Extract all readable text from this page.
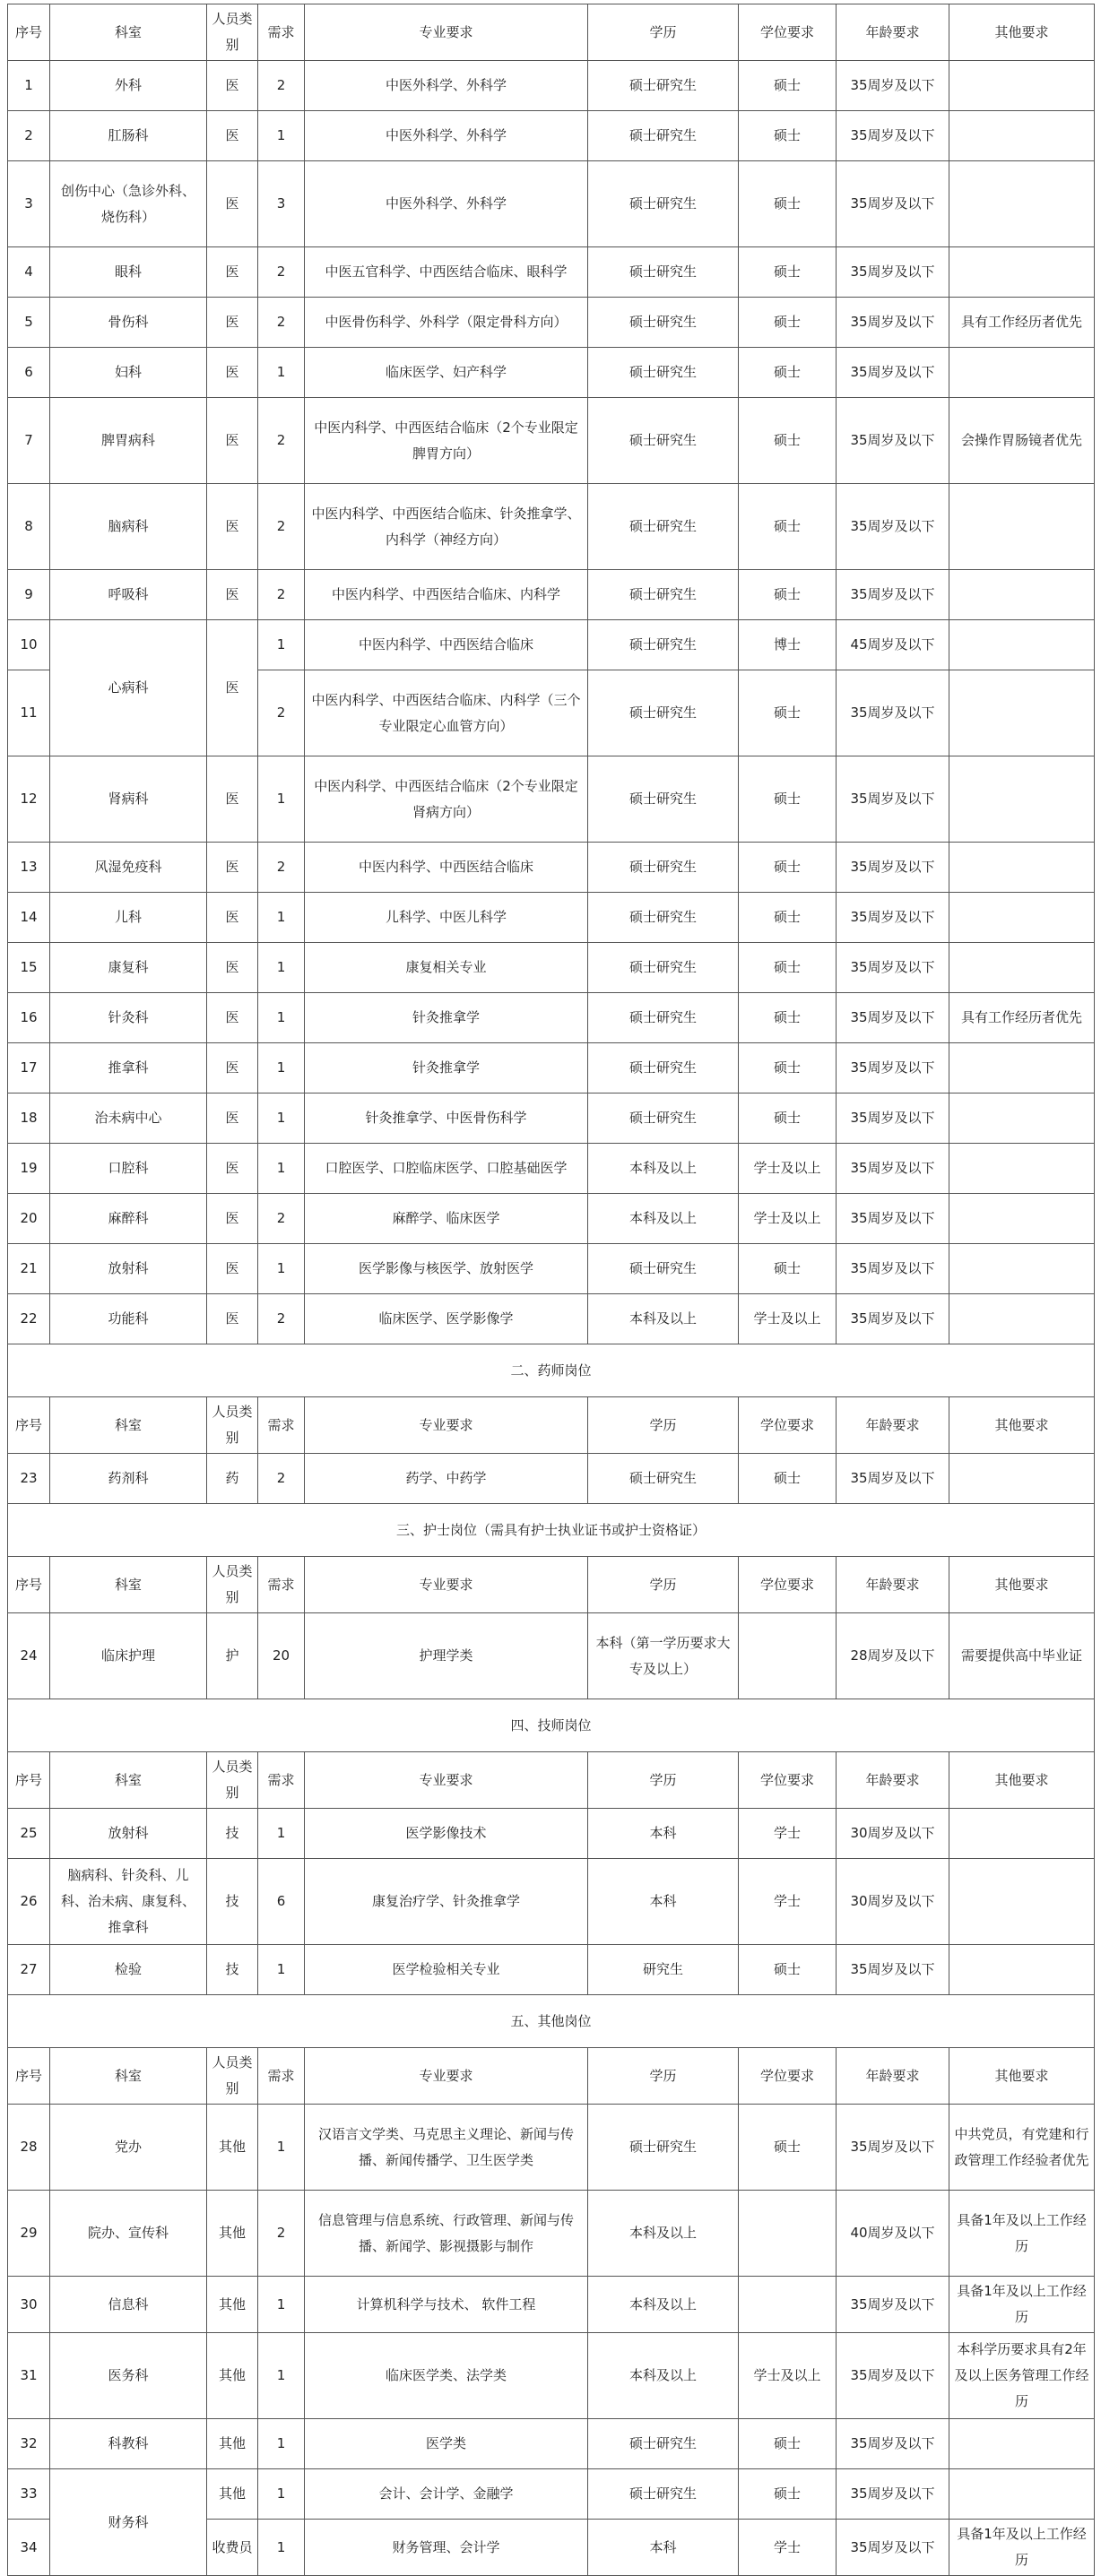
序号	科室	人员类别	需求	专业要求	学历	学位要求	年龄要求	其他要求
1	外科	医	2	中医外科学、外科学	硕士研究生	硕士	35周岁及以下	
2	肛肠科	医	1	中医外科学、外科学	硕士研究生	硕士	35周岁及以下	
3	创伤中心（急诊外科、烧伤科）	医	3	中医外科学、外科学	硕士研究生	硕士	35周岁及以下	
4	眼科	医	2	中医五官科学、中西医结合临床、眼科学	硕士研究生	硕士	35周岁及以下	
5	骨伤科	医	2	中医骨伤科学、外科学（限定骨科方向）	硕士研究生	硕士	35周岁及以下	具有工作经历者优先
6	妇科	医	1	临床医学、妇产科学	硕士研究生	硕士	35周岁及以下	
7	脾胃病科	医	2	中医内科学、中西医结合临床（2个专业限定脾胃方向）	硕士研究生	硕士	35周岁及以下	会操作胃肠镜者优先
8	脑病科	医	2	中医内科学、中西医结合临床、针灸推拿学、内科学（神经方向）	硕士研究生	硕士	35周岁及以下	
9	呼吸科	医	2	中医内科学、中西医结合临床、内科学	硕士研究生	硕士	35周岁及以下	
10	心病科	医	1	中医内科学、中西医结合临床	硕士研究生	博士	45周岁及以下	
11			2	中医内科学、中西医结合临床、内科学（三个专业限定心血管方向）	硕士研究生	硕士	35周岁及以下	
12	肾病科	医	1	中医内科学、中西医结合临床（2个专业限定肾病方向）	硕士研究生	硕士	35周岁及以下	
13	风湿免疫科	医	2	中医内科学、中西医结合临床	硕士研究生	硕士	35周岁及以下	
14	儿科	医	1	儿科学、中医儿科学	硕士研究生	硕士	35周岁及以下	
15	康复科	医	1	康复相关专业	硕士研究生	硕士	35周岁及以下	
16	针灸科	医	1	针灸推拿学	硕士研究生	硕士	35周岁及以下	具有工作经历者优先
17	推拿科	医	1	针灸推拿学	硕士研究生	硕士	35周岁及以下	
18	治未病中心	医	1	针灸推拿学、中医骨伤科学	硕士研究生	硕士	35周岁及以下	
19	口腔科	医	1	口腔医学、口腔临床医学、口腔基础医学	本科及以上	学士及以上	35周岁及以下	
20	麻醉科	医	2	麻醉学、临床医学	本科及以上	学士及以上	35周岁及以下	
21	放射科	医	1	医学影像与核医学、放射医学	硕士研究生	硕士	35周岁及以下	
22	功能科	医	2	临床医学、医学影像学	本科及以上	学士及以上	35周岁及以下	
二、药师岗位								
序号	科室	人员类别	需求	专业要求	学历	学位要求	年龄要求	其他要求
23	药剂科	药	2	药学、中药学	硕士研究生	硕士	35周岁及以下	
三、护士岗位（需具有护士执业证书或护士资格证）								
序号	科室	人员类别	需求	专业要求	学历	学位要求	年龄要求	其他要求
24	临床护理	护	20	护理学类	本科（第一学历要求大专及以上）		28周岁及以下	需要提供高中毕业证
四、技师岗位								
序号	科室	人员类别	需求	专业要求	学历	学位要求	年龄要求	其他要求
25	放射科	技	1	医学影像技术	本科	学士	30周岁及以下	
26	脑病科、针灸科、儿科、治未病、康复科、推拿科	技	6	康复治疗学、针灸推拿学	本科	学士	30周岁及以下	
27	检验	技	1	医学检验相关专业	研究生	硕士	35周岁及以下	
五、其他岗位								
序号	科室	人员类别	需求	专业要求	学历	学位要求	年龄要求	其他要求
28	党办	其他	1	汉语言文学类、马克思主义理论、新闻与传播、新闻传播学、卫生医学类	硕士研究生	硕士	35周岁及以下	中共党员，有党建和行政管理工作经验者优先
29	院办、宣传科	其他	2	信息管理与信息系统、行政管理、新闻与传播、新闻学、影视摄影与制作	本科及以上		40周岁及以下	具备1年及以上工作经历
30	信息科	其他	1	计算机科学与技术、 软件工程	本科及以上		35周岁及以下	具备1年及以上工作经历
31	医务科	其他	1	临床医学类、法学类	本科及以上	学士及以上	35周岁及以下	本科学历要求具有2年及以上医务管理工作经历
32	科教科	其他	1	医学类	硕士研究生	硕士	35周岁及以下	
33	财务科	其他	1	会计、会计学、金融学	硕士研究生	硕士	35周岁及以下	
34		收费员	1	财务管理、会计学	本科	学士	35周岁及以下	具备1年及以上工作经历
